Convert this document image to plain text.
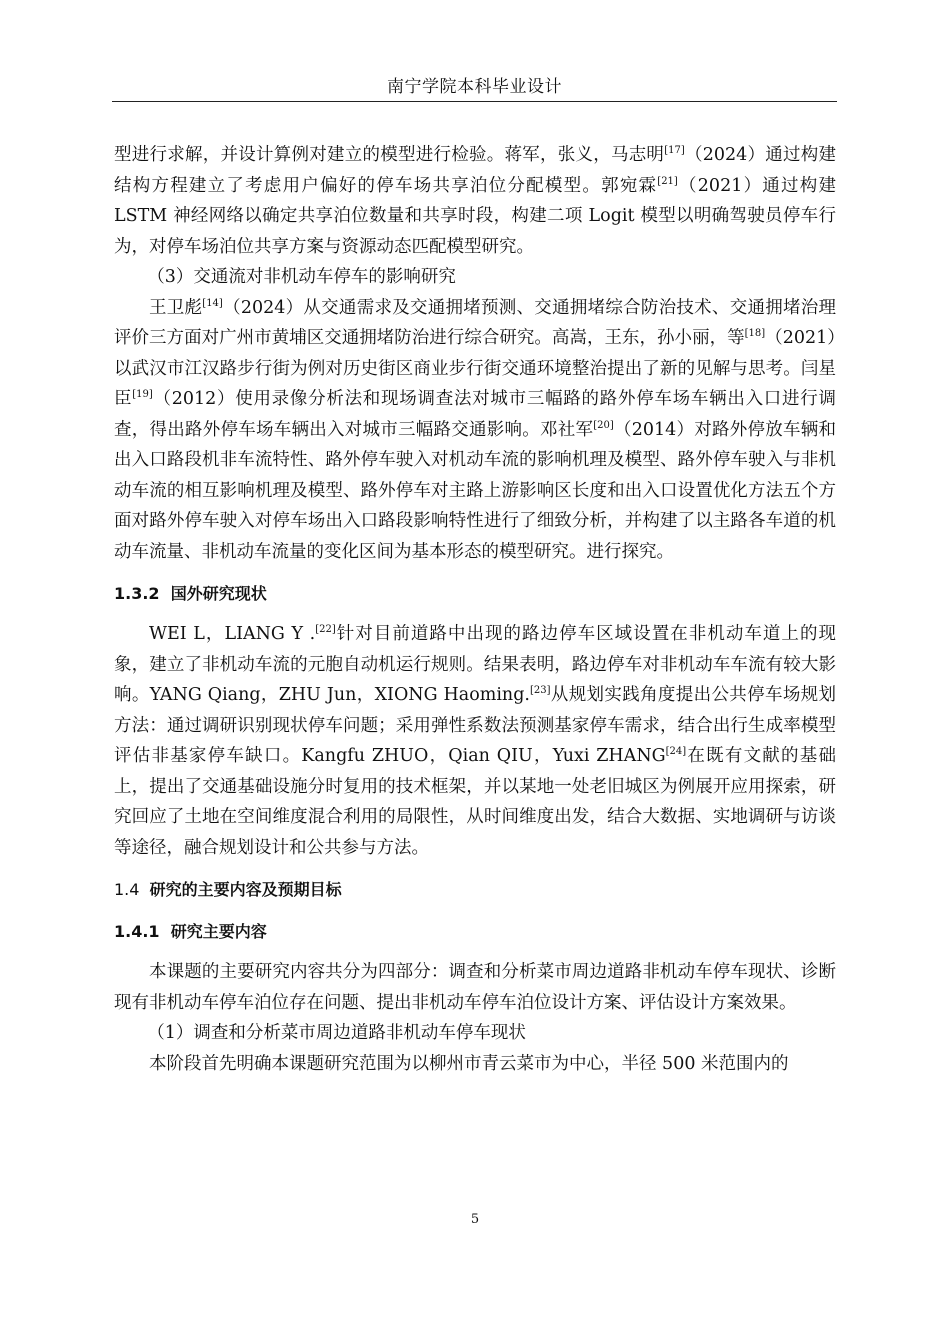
南宁学院本科毕业设计

型进行求解，并设计算例对建立的模型进行检验。蒋军，张义，马志明[17]（2024）通过构建结构方程建立了考虑用户偏好的停车场共享泊位分配模型。郭宛霖[21]（2021）通过构建 LSTM 神经网络以确定共享泊位数量和共享时段，构建二项 Logit 模型以明确驾驶员停车行为，对停车场泊位共享方案与资源动态匹配模型研究。

（3）交通流对非机动车停车的影响研究

王卫彪[14]（2024）从交通需求及交通拥堵预测、交通拥堵综合防治技术、交通拥堵治理评价三方面对广州市黄埔区交通拥堵防治进行综合研究。高嵩，王东，孙小丽，等[18]（2021）以武汉市江汉路步行街为例对历史街区商业步行街交通环境整治提出了新的见解与思考。闫星臣[19]（2012）使用录像分析法和现场调查法对城市三幅路的路外停车场车辆出入口进行调查，得出路外停车场车辆出入对城市三幅路交通影响。邓社军[20]（2014）对路外停放车辆和出入口路段机非车流特性、路外停车驶入对机动车流的影响机理及模型、路外停车驶入与非机动车流的相互影响机理及模型、路外停车对主路上游影响区长度和出入口设置优化方法五个方面对路外停车驶入对停车场出入口路段影响特性进行了细致分析，并构建了以主路各车道的机动车流量、非机动车流量的变化区间为基本形态的模型研究。进行探究。

1.3.2 国外研究现状

WEI L，LIANG Y .[22]针对目前道路中出现的路边停车区域设置在非机动车道上的现象，建立了非机动车流的元胞自动机运行规则。结果表明，路边停车对非机动车车流有较大影响。YANG Qiang，ZHU Jun，XIONG Haoming.[23]从规划实践角度提出公共停车场规划方法：通过调研识别现状停车问题；采用弹性系数法预测基家停车需求，结合出行生成率模型评估非基家停车缺口。Kangfu ZHUO，Qian QIU，Yuxi ZHANG[24]在既有文献的基础上，提出了交通基础设施分时复用的技术框架，并以某地一处老旧城区为例展开应用探索，研究回应了土地在空间维度混合利用的局限性，从时间维度出发，结合大数据、实地调研与访谈等途径，融合规划设计和公共参与方法。

1.4 研究的主要内容及预期目标
1.4.1 研究主要内容

本课题的主要研究内容共分为四部分：调查和分析菜市周边道路非机动车停车现状、诊断现有非机动车停车泊位存在问题、提出非机动车停车泊位设计方案、评估设计方案效果。

（1）调查和分析菜市周边道路非机动车停车现状

本阶段首先明确本课题研究范围为以柳州市青云菜市为中心，半径 500 米范围内的

5
